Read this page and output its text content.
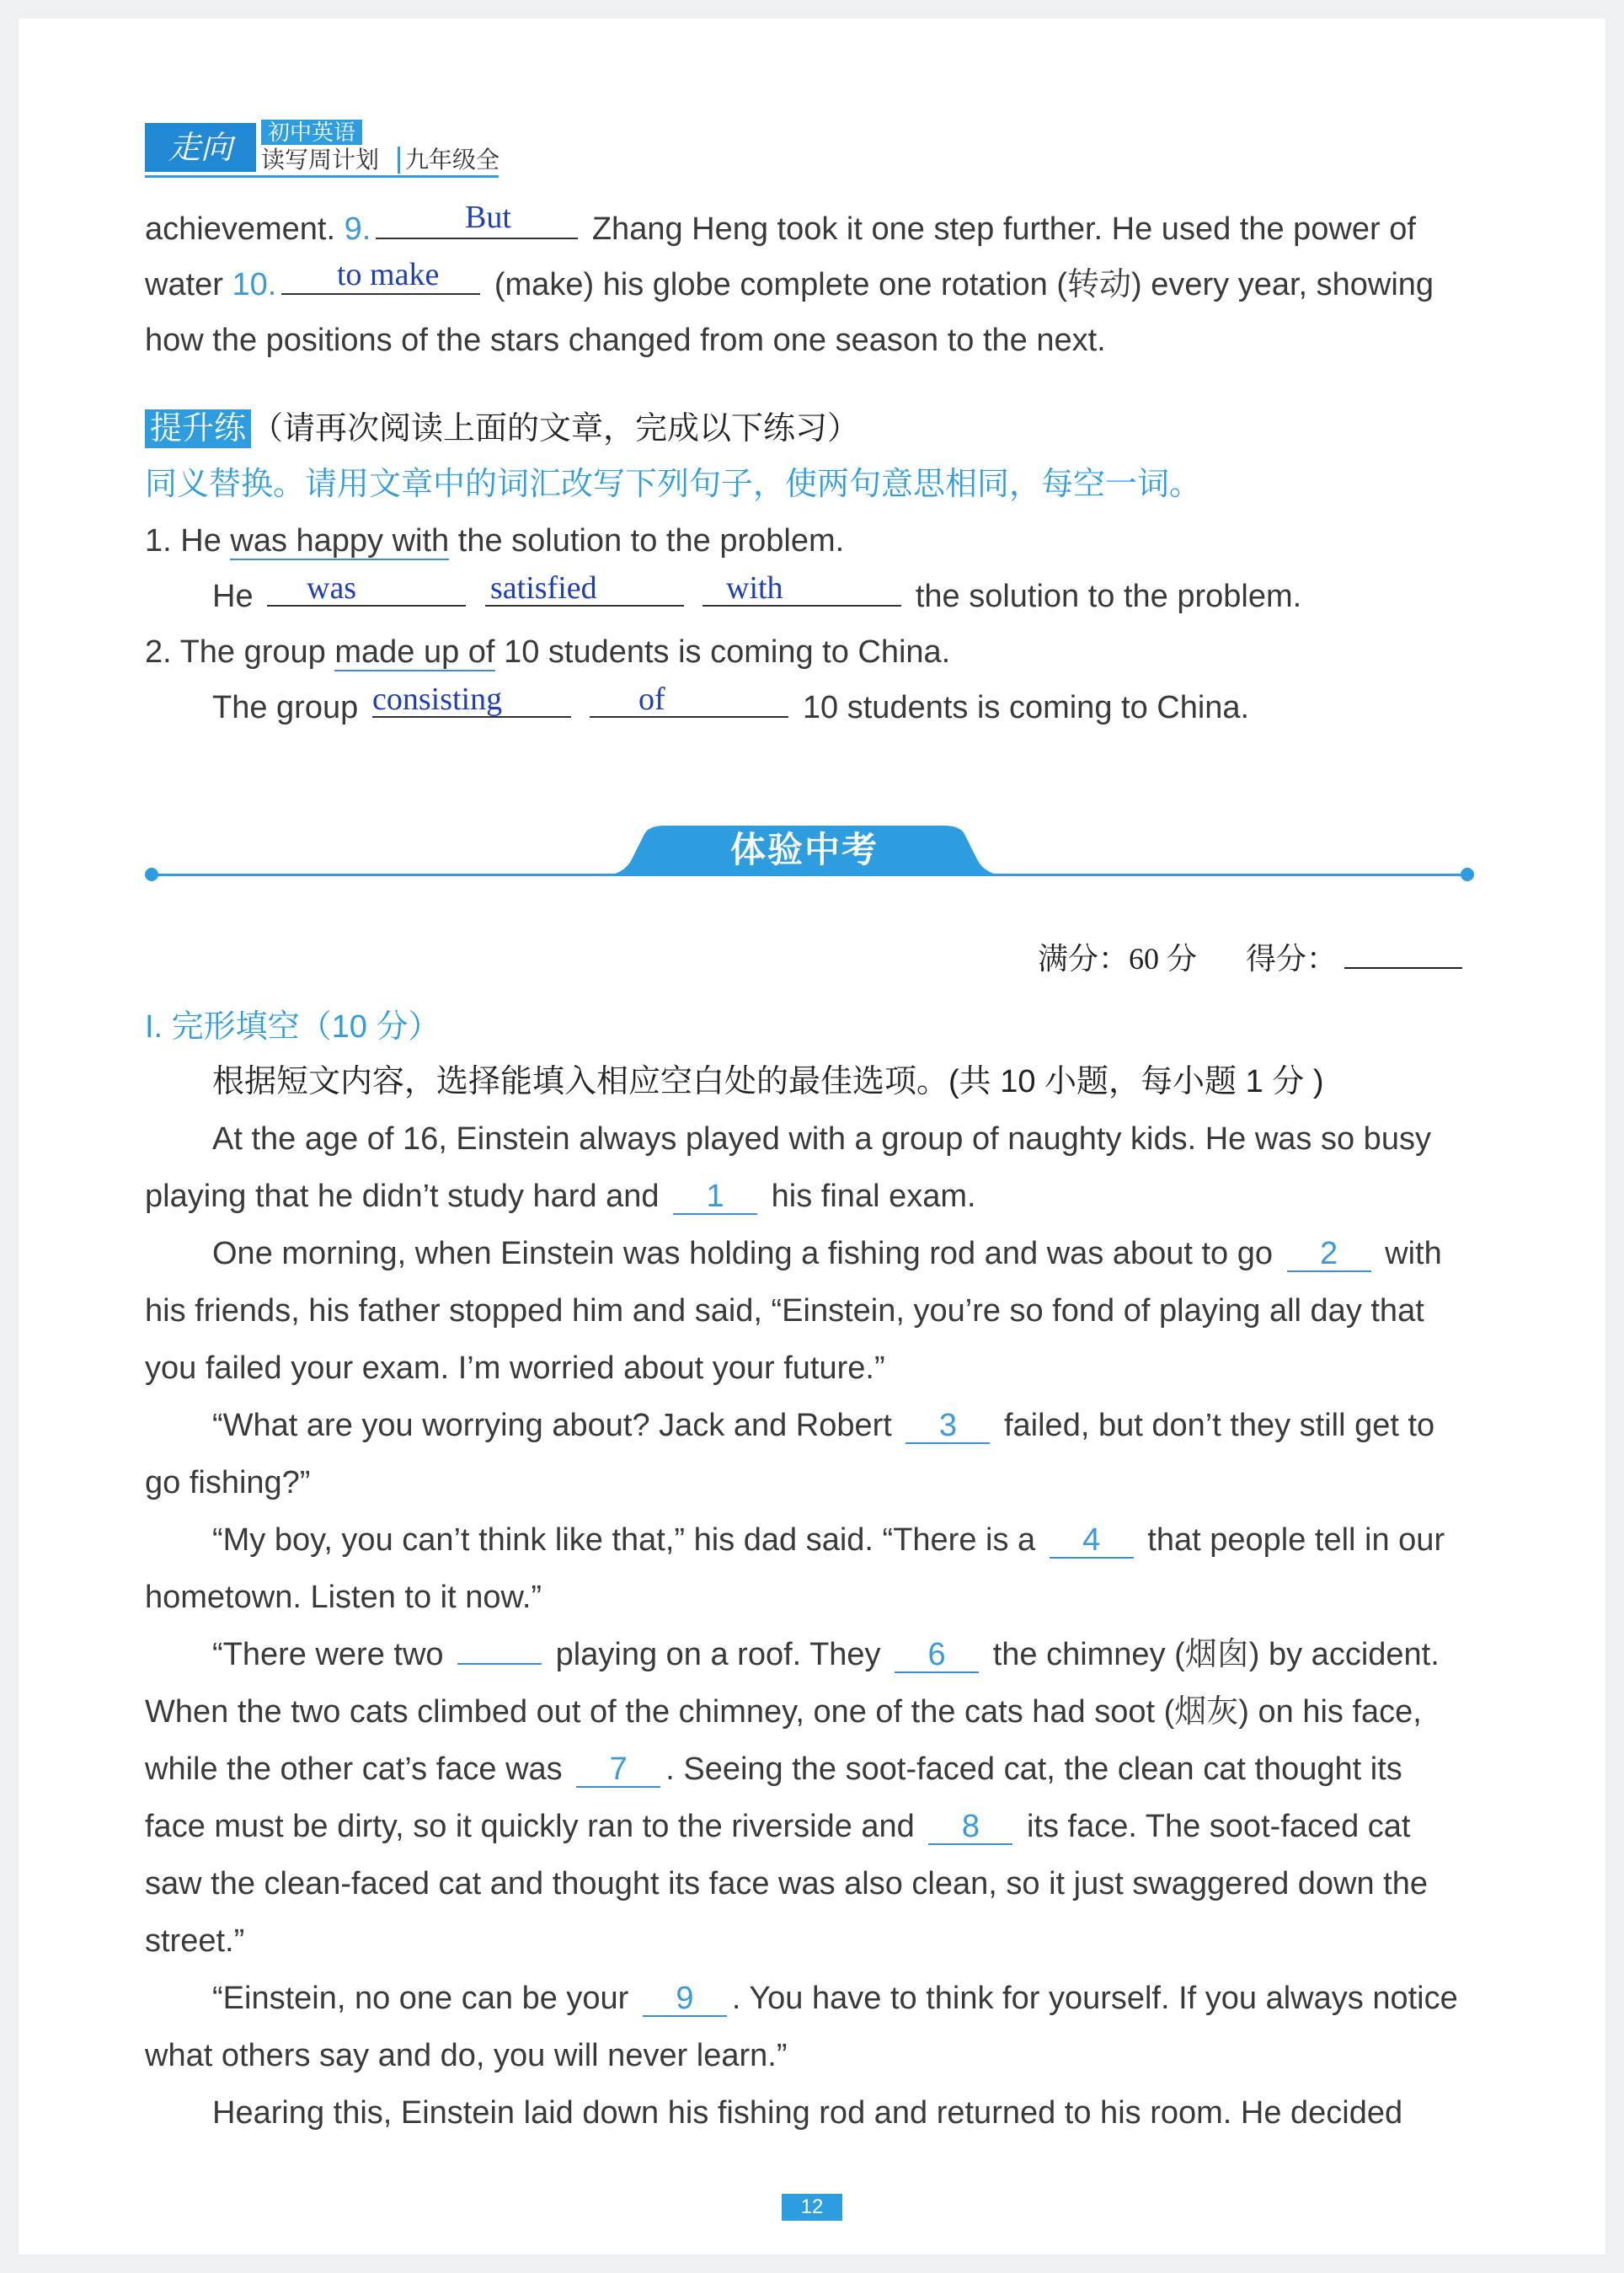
走向	初中英语
读写周计划	九年级全
achievement. 9.	Zhang Heng took it one step further. He used the power of
But
water 10.	(make) his globe complete one rotation (转动) every year, showing
to make
how the positions of the stars changed from one season to the next.
提升练 （请再次阅读上面的文章，完成以下练习）
同义替换。请用文章中的词汇改写下列句子，使两句意思相同，每空一词。
1. He was happy with the solution to the problem.
He	the solution to the problem.
was	satisfied	with
2. The group made up of 10 students is coming to China.
The group	10 students is coming to China.
consisting	of
体验中考
满分：60 分 得分：
I. 完形填空（10 分）
根据短文内容，选择能填入相应空白处的最佳选项。(共 10 小题，每小题 1 分 )
At the age of 16, Einstein always played with a group of naughty kids. He was so busy
playing that he didn’t study hard and 1 his final exam.
One morning, when Einstein was holding a fishing rod and was about to go 2 with
his friends, his father stopped him and said, “Einstein, you’re so fond of playing all day that
you failed your exam. I’m worried about your future.”
“What are you worrying about? Jack and Robert 3 failed, but don’t they still get to
go fishing?”
“My boy, you can’t think like that,” his dad said. “There is a 4 that people tell in our
hometown. Listen to it now.”
“There were two	playing on a roof. They 6 the chimney (烟囱) by accident.
When the two cats climbed out of the chimney, one of the cats had soot (烟灰) on his face,
while the other cat’s face was 7 . Seeing the soot-faced cat, the clean cat thought its
face must be dirty, so it quickly ran to the riverside and 8 its face. The soot-faced cat
saw the clean-faced cat and thought its face was also clean, so it just swaggered down the
street.”
“Einstein, no one can be your 9 . You have to think for yourself. If you always notice
what others say and do, you will never learn.”
Hearing this, Einstein laid down his fishing rod and returned to his room. He decided
12
